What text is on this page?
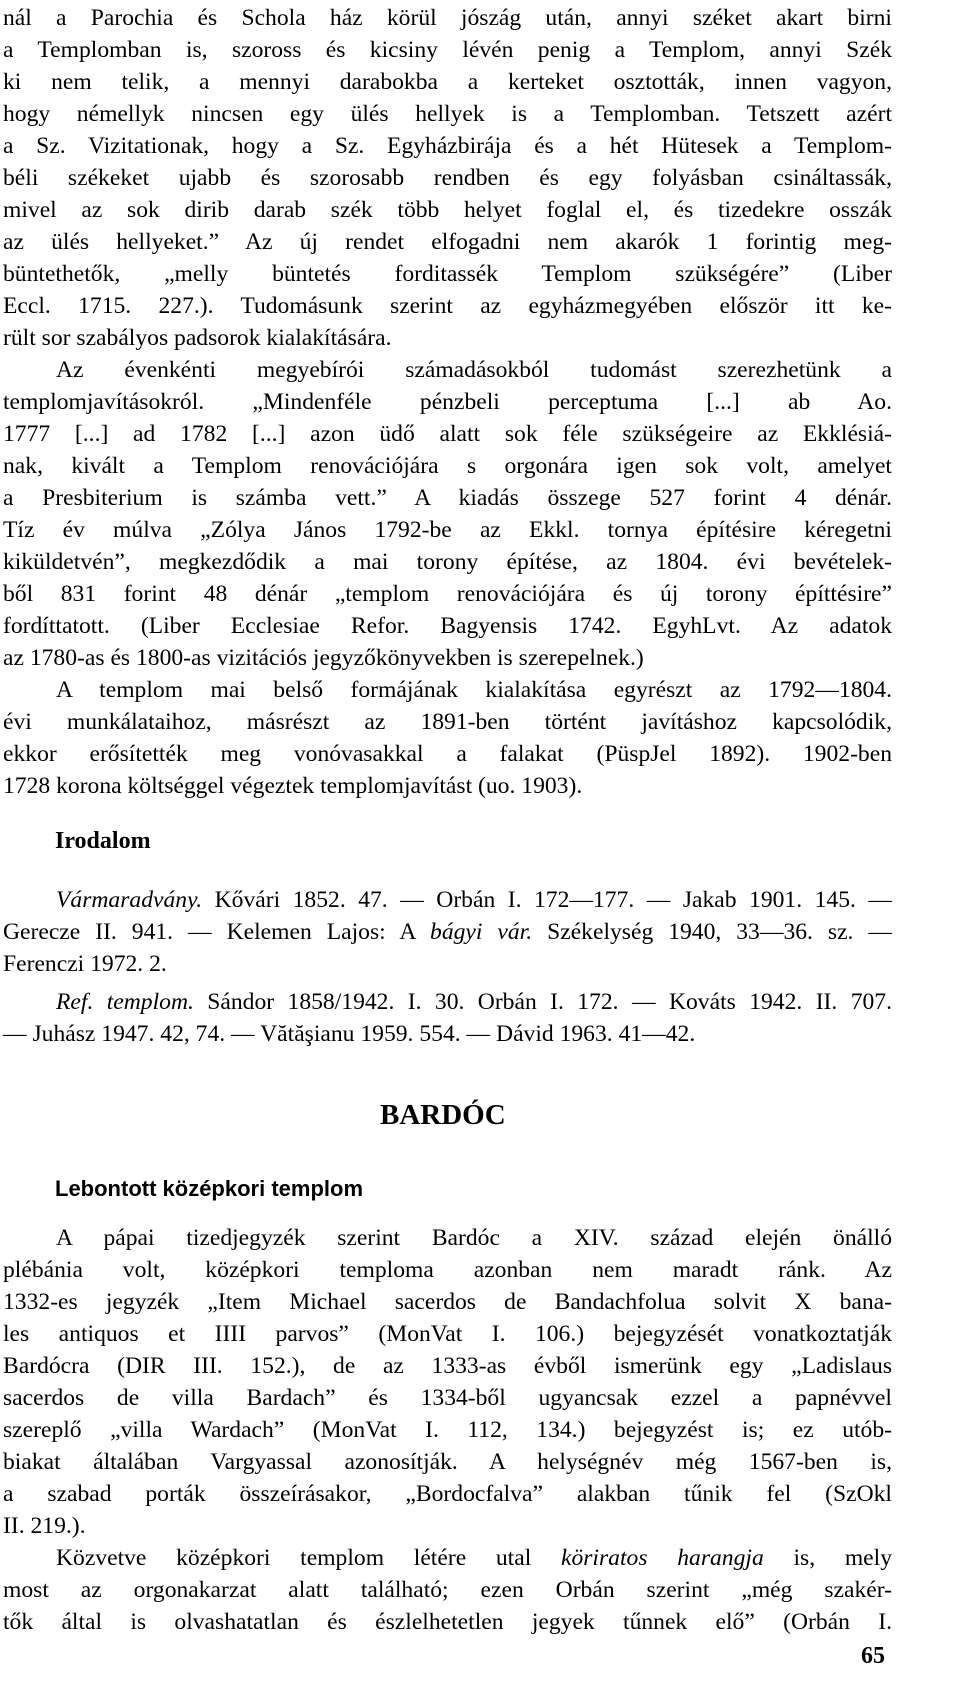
nál a Parochia és Schola ház körül jószág után, annyi széket akart birni
a Templomban is, szoross és kicsiny lévén penig a Templom, annyi Szék
ki nem telik, a mennyi darabokba a kerteket osztották, innen vagyon,
hogy némellyk nincsen egy ülés hellyek is a Templomban. Tetszett azért
a Sz. Vizitationak, hogy a Sz. Egyházbirája és a hét Hütesek a Templom-
béli székeket ujabb és szorosabb rendben és egy folyásban csináltassák,
mivel az sok dirib darab szék több helyet foglal el, és tizedekre osszák
az ülés hellyeket.” Az új rendet elfogadni nem akarók 1 forintig meg-
büntethetők, „melly büntetés forditassék Templom szükségére” (Liber
Eccl. 1715. 227.). Tudomásunk szerint az egyházmegyében először itt ke-
rült sor szabályos padsorok kialakítására.
Az évenkénti megyebírói számadásokból tudomást szerezhetünk a
templomjavításokról. „Mindenféle pénzbeli perceptuma [...] ab Ao.
1777 [...] ad 1782 [...] azon üdő alatt sok féle szükségeire az Ekklésiá-
nak, kivált a Templom renovációjára s orgonára igen sok volt, amelyet
a Presbiterium is számba vett.” A kiadás összege 527 forint 4 dénár.
Tíz év múlva „Zólya János 1792-be az Ekkl. tornya építésire kéregetni
kiküldetvén”, megkezdődik a mai torony építése, az 1804. évi bevételek-
ből 831 forint 48 dénár „templom renovációjára és új torony építtésire”
fordíttatott. (Liber Ecclesiae Refor. Bagyensis 1742. EgyhLvt. Az adatok
az 1780-as és 1800-as vizitációs jegyzőkönyvekben is szerepelnek.)
A templom mai belső formájának kialakítása egyrészt az 1792—1804.
évi munkálataihoz, másrészt az 1891-ben történt javításhoz kapcsolódik,
ekkor erősítették meg vonóvasakkal a falakat (PüspJel 1892). 1902-ben
1728 korona költséggel végeztek templomjavítást (uo. 1903).
Irodalom
Vármaradvány. Kővári 1852. 47. — Orbán I. 172—177. — Jakab 1901. 145. —
Gerecze II. 941. — Kelemen Lajos: A bágyi vár. Székelység 1940, 33—36. sz. —
Ferenczi 1972. 2.
Ref. templom. Sándor 1858/1942. I. 30. Orbán I. 172. — Kováts 1942. II. 707.
— Juhász 1947. 42, 74. — Vătăşianu 1959. 554. — Dávid 1963. 41—42.
BARDÓC
Lebontott középkori templom
A pápai tizedjegyzék szerint Bardóc a XIV. század elején önálló
plébánia volt, középkori temploma azonban nem maradt ránk. Az
1332-es jegyzék „Item Michael sacerdos de Bandachfolua solvit X bana-
les antiquos et IIII parvos” (MonVat I. 106.) bejegyzését vonatkoztatják
Bardócra (DIR III. 152.), de az 1333-as évből ismerünk egy „Ladislaus
sacerdos de villa Bardach” és 1334-ből ugyancsak ezzel a papnévvel
szereplő „villa Wardach” (MonVat I. 112, 134.) bejegyzést is; ez utób-
biakat általában Vargyassal azonosítják. A helységnév még 1567-ben is,
a szabad porták összeírásakor, „Bordocfalva” alakban tűnik fel (SzOkl
II. 219.).
Közvetve középkori templom létére utal köriratos harangja is, mely
most az orgonakarzat alatt található; ezen Orbán szerint „még szakér-
tők által is olvashatatlan és észlelhetetlen jegyek tűnnek elő” (Orbán I.
65
